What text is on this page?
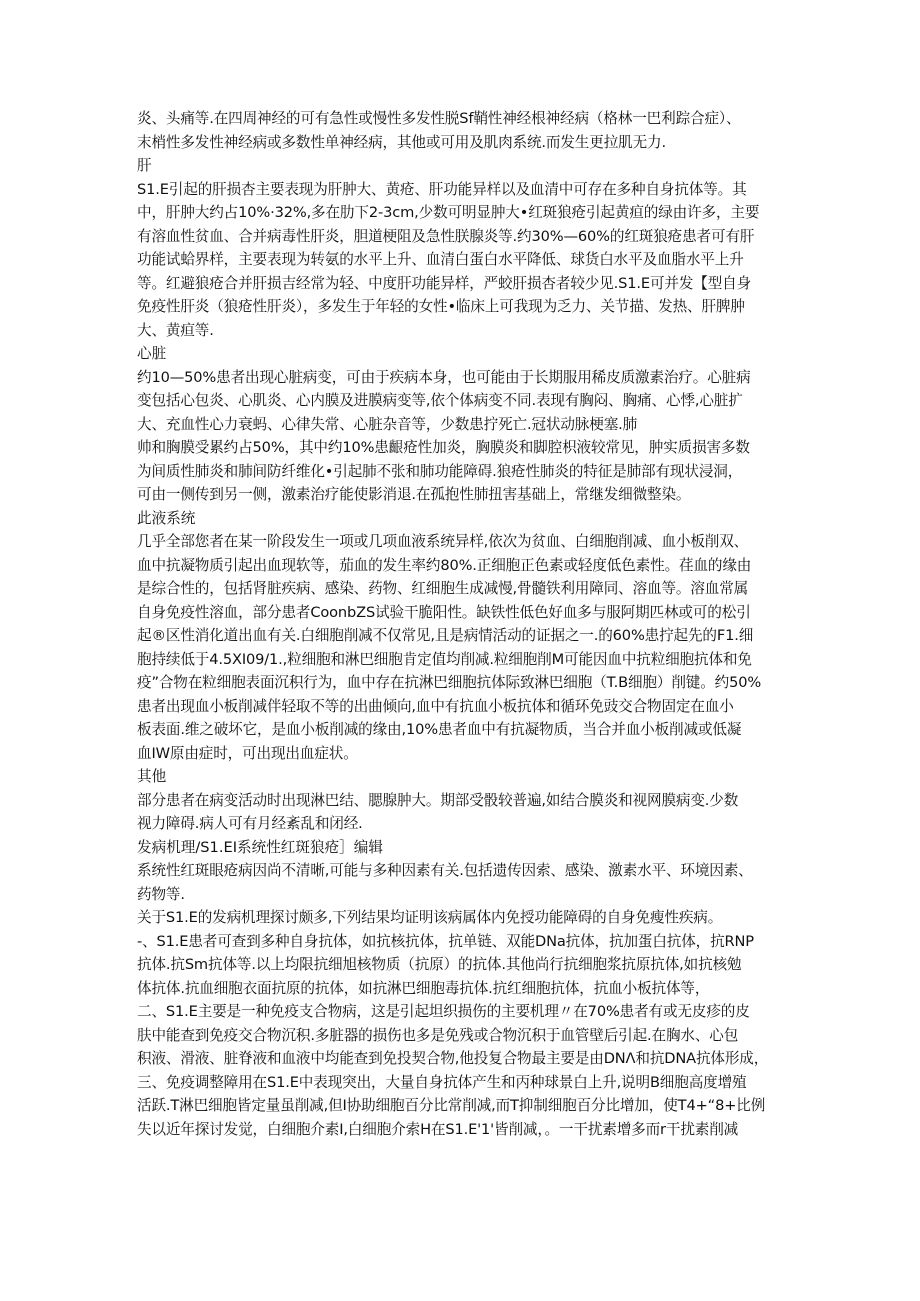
炎、头痛等.在四周神经的可有急性或慢性多发性脱Sf鞘性神经根神经病（格林一巴利踪合症）、
末梢性多发性神经病或多数性单神经病，其他或可用及肌肉系统.而发生更拉肌无力.
肝
S1.E引起的肝损杏主要表现为肝肿大、黄疮、肝功能异样以及血清中可存在多种自身抗体等。其
中，肝肿大约占10%·32%,多在肋下2-3cm,少数可明显肿大•红斑狼疮引起黄疸的绿由许多，主要
有溶血性贫血、合并病毒性肝炎，胆道梗阻及急性朕腺炎等.约30%—60%的红斑狼疮患者可有肝
功能试蛤界样，主要表现为转氨的水平上升、血清白蛋白水平降低、球货白水平及血脂水平上升
等。红避狼疮合并肝损吉经常为轻、中度肝功能异样，严蛟肝损杏者较少见.S1.E可并发【型自身
免疫性肝炎（狼疮性肝炎），多发生于年轻的女性•临床上可我现为乏力、关节描、发热、肝脾肿
大、黄疸等.
心脏
约10—50%患者出现心脏病变，可由于疾病本身，也可能由于长期服用稀皮质激素治疗。心脏病
变包括心包炎、心肌炎、心内膜及进膜病变等,依个体病变不同.表现有胸闷、胸痛、心悸,心脏扩
大、充血性心力衰蚂、心律失常、心脏杂音等，少数患拧死亡.冠状动脉梗塞.肺
帅和胸膜受累约占50%，其中约10%患齦疮性加炎，胸膜炎和脚腔枳液较常见，肿实质损害多数
为间质性肺炎和肺间防纤维化•引起肺不张和肺功能障碍.狼疮性肺炎的特征是肺部有现状浸洞，
可由一侧传到另一侧，激素治疗能使影消退.在孤抱性肺扭害基础上，常继发细微整染。
此液系统
几乎全部您者在某一阶段发生一项或几项血液系统异样,依次为贫血、白细胞削减、血小板削双、
血中抗凝物质引起出血现软等，茄血的发生率约80%.正细胞正色素或轻度低色素性。荏血的缘由
是综合性的，包括肾脏疾病、感染、药物、红细胞生成减慢,骨髓铁利用障同、溶血等。溶血常属
自身免疫性溶血，部分患者CoonbZS试验干脆阳性。缺铁性低色好血多与服阿期匹林或可的松引
起®区性消化道出血有关.白细胞削减不仅常见,且是病情活动的证据之一.的60%患拧起先的F1.细
胞持续低于4.5XI09/1.,粒细胞和淋巴细胞肯定值均削减.粒细胞削M可能因血中抗粒细胞抗体和免
疫”合物在粒细胞表面沉积行为，血中存在抗淋巴细胞抗体际致淋巴细胞（T.B细胞）削键。约50%
患者出现血小板削减伴轻取不等的出曲倾向,血中有抗血小板抗体和循环免豉交合物固定在血小
板表面.维之破坏它，是血小板削减的缘由,10%患者血中有抗凝物质，当合并血小板削减或低凝
血IW原由症时，可出现出血症状。
其他
部分患者在病变活动时出现淋巴结、腮腺肿大。期部受骰较普遍,如结合膜炎和视网膜病变.少数
视力障碍.病人可有月经紊乱和闭经.
发病机理/S1.EI系统性红斑狼疮］编辑
系统性红斑眼疮病因尚不清晰,可能与多种因素有关.包括遗传因索、感染、激素水平、环境因素、
药物等.
关于S1.E的发病机理探讨颇多,下列结果均证明该病属体内免授功能障碍的自身免瘦性疾病。
-、S1.E患者可查到多种自身抗体，如抗核抗体，抗单链、双能DNa抗体，抗加蛋白抗体，抗RNP
抗体.抗Sm抗体等.以上均限抗细旭核物质（抗原）的抗体.其他尚行抗细胞浆抗原抗体,如抗核勉
体抗体.抗血细胞衣面抗原的抗体，如抗淋巴细胞毒抗体.抗红细胞抗体，抗血小板抗体等，
二、S1.E主要是一种免疫支合物病，这是引起坦织损伤的主要机理〃在70%患者有或无皮疹的皮
肤中能查到免疫交合物沉积.多脏器的损伤也多是免残或合物沉积于血管壁后引起.在胸水、心包
积液、滑液、脏脊液和血液中均能查到免投契合物,他投复合物最主要是由DNΛ和抗DNA抗体形成，
三、免疫调整障用在S1.E中表现突出，大量自身抗体产生和丙种球景白上升,说明B细胞高度增殖
活跃.T淋巴细胞皆定量虽削减,但I协助细胞百分比常削减,而T抑制细胞百分比增加，使T4+“8+比例
失以近年探讨发觉，白细胞介素I,白细胞介索H在S1.E'1'皆削减，。一干扰素增多而r干扰素削减
